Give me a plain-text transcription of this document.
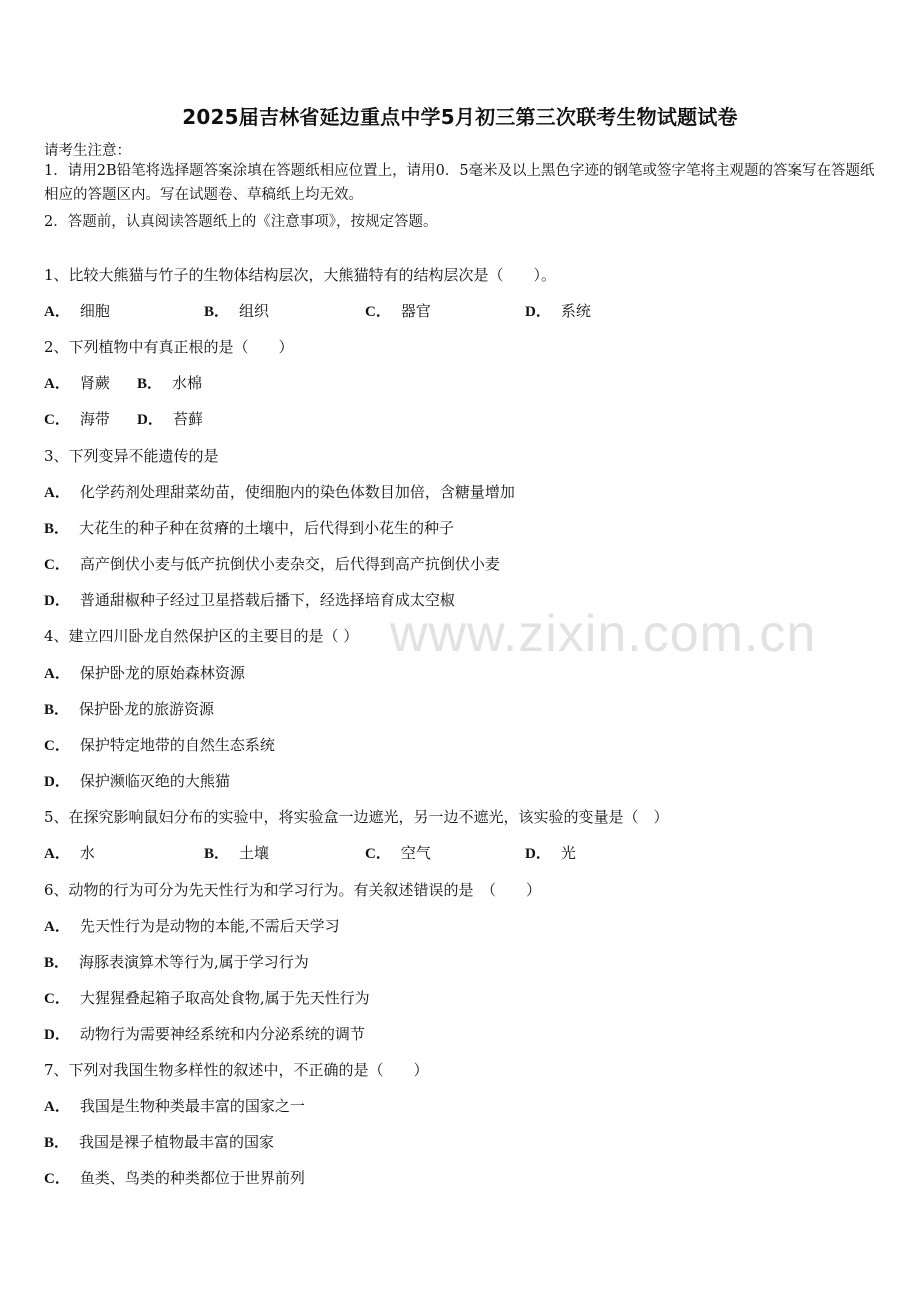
2025届吉林省延边重点中学5月初三第三次联考生物试题试卷
请考生注意：
1．请用2B铅笔将选择题答案涂填在答题纸相应位置上，请用0．5毫米及以上黑色字迹的钢笔或签字笔将主观题的答案写在答题纸相应的答题区内。写在试题卷、草稿纸上均无效。
2．答题前，认真阅读答题纸上的《注意事项》，按规定答题。
www.zixin.com.cn
1、比较大熊猫与竹子的生物体结构层次，大熊猫特有的结构层次是（　　）。
A． 细胞	B． 组织	C． 器官	D． 系统
2、下列植物中有真正根的是（　　）
A． 肾蕨 B． 水棉
C． 海带 D． 苔藓
3、下列变异不能遗传的是
A． 化学药剂处理甜菜幼苗，使细胞内的染色体数目加倍，含糖量增加
B． 大花生的种子种在贫瘠的土壤中，后代得到小花生的种子
C． 高产倒伏小麦与低产抗倒伏小麦杂交，后代得到高产抗倒伏小麦
D． 普通甜椒种子经过卫星搭载后播下，经选择培育成太空椒
4、建立四川卧龙自然保护区的主要目的是（ ）
A． 保护卧龙的原始森林资源
B． 保护卧龙的旅游资源
C． 保护特定地带的自然生态系统
D． 保护濒临灭绝的大熊猫
5、在探究影响鼠妇分布的实验中，将实验盒一边遮光，另一边不遮光，该实验的变量是（　）
A． 水	B． 土壤	C． 空气	D． 光
6、动物的行为可分为先天性行为和学习行为。有关叙述错误的是　（　　）
A． 先天性行为是动物的本能,不需后天学习
B． 海豚表演算术等行为,属于学习行为
C． 大猩猩叠起箱子取高处食物,属于先天性行为
D． 动物行为需要神经系统和内分泌系统的调节
7、下列对我国生物多样性的叙述中，不正确的是（　　）
A． 我国是生物种类最丰富的国家之一
B． 我国是裸子植物最丰富的国家
C． 鱼类、鸟类的种类都位于世界前列
